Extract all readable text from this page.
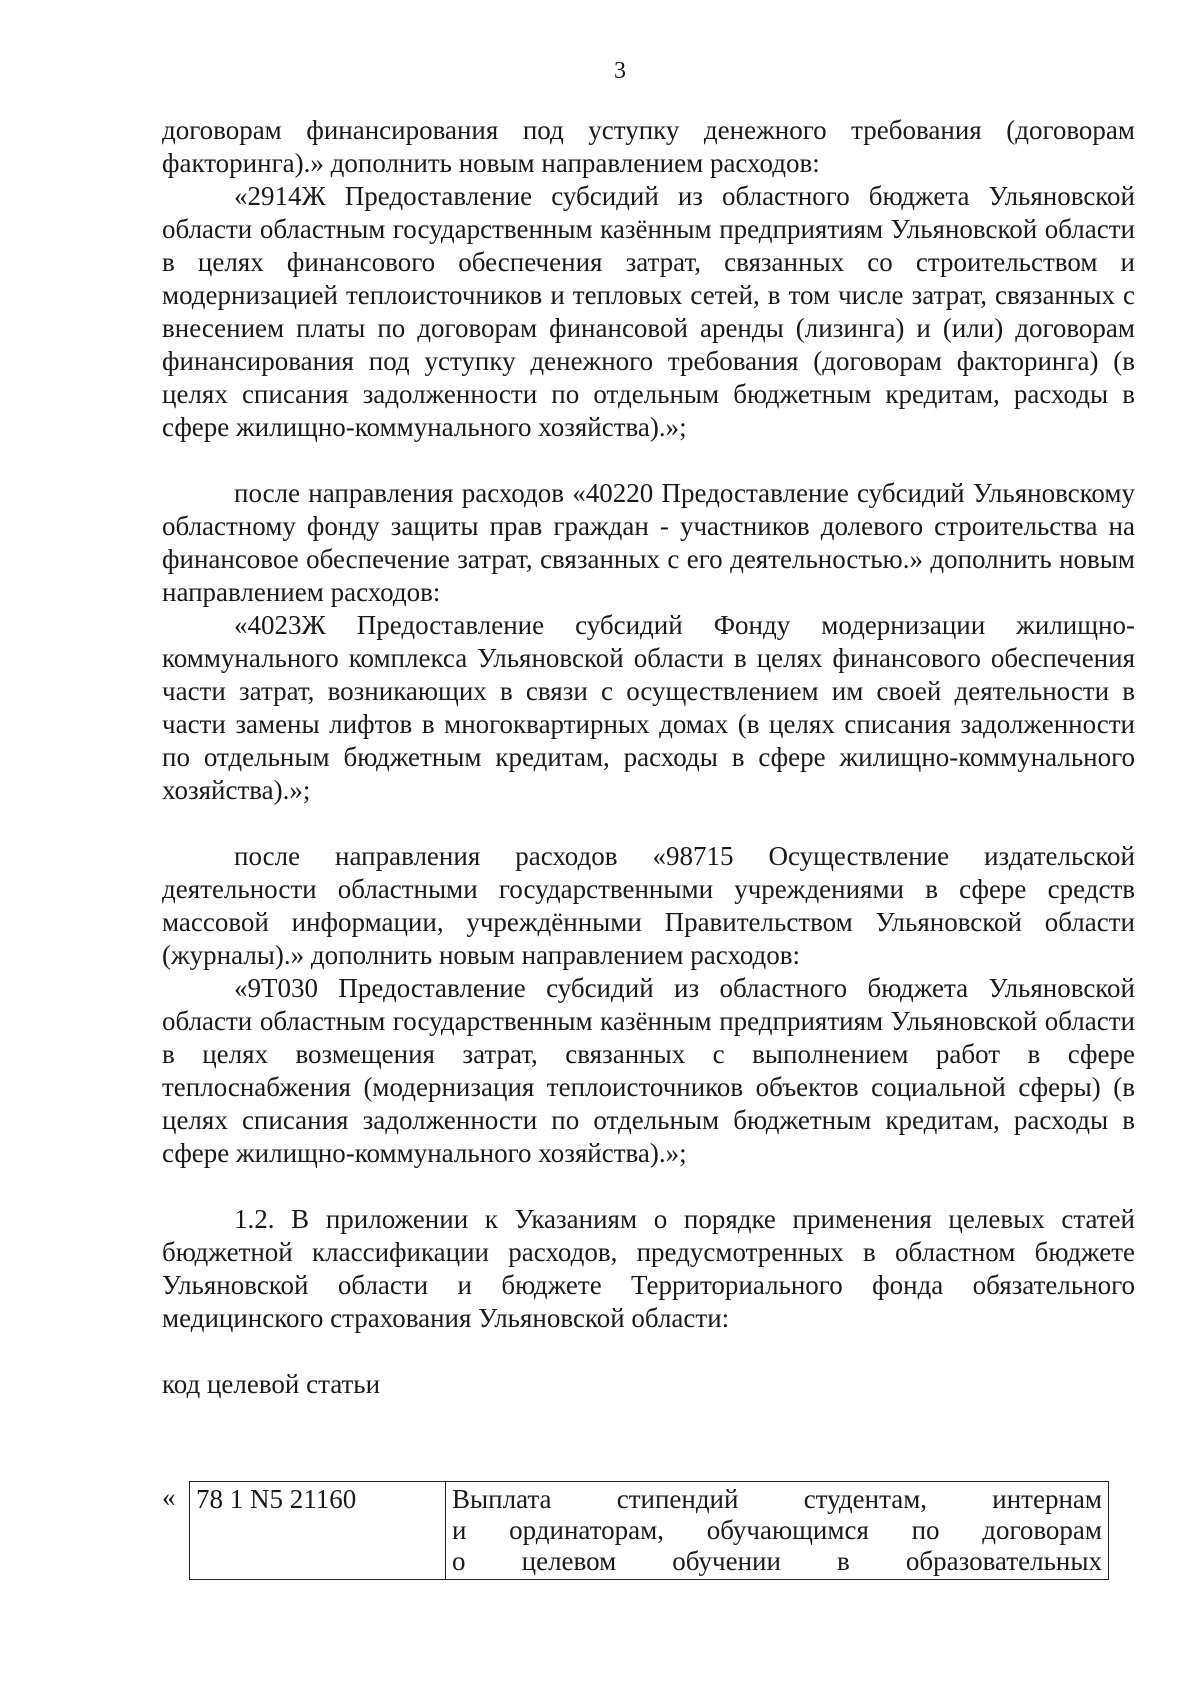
3

договорам финансирования под уступку денежного требования (договорам факторинга).» дополнить новым направлением расходов:

«2914Ж Предоставление субсидий из областного бюджета Ульяновской области областным государственным казённым предприятиям Ульяновской области в целях финансового обеспечения затрат, связанных со строительством и модернизацией теплоисточников и тепловых сетей, в том числе затрат, связанных с внесением платы по договорам финансовой аренды (лизинга) и (или) договорам финансирования под уступку денежного требования (договорам факторинга) (в целях списания задолженности по отдельным бюджетным кредитам, расходы в сфере жилищно-коммунального хозяйства).»;

после направления расходов «40220 Предоставление субсидий Ульяновскому областному фонду защиты прав граждан - участников долевого строительства на финансовое обеспечение затрат, связанных с его деятельностью.» дополнить новым направлением расходов:

«4023Ж Предоставление субсидий Фонду модернизации жилищно-коммунального комплекса Ульяновской области в целях финансового обеспечения части затрат, возникающих в связи с осуществлением им своей деятельности в части замены лифтов в многоквартирных домах (в целях списания задолженности по отдельным бюджетным кредитам, расходы в сфере жилищно-коммунального хозяйства).»;

после направления расходов «98715 Осуществление издательской деятельности областными государственными учреждениями в сфере средств массовой информации, учреждёнными Правительством Ульяновской области (журналы).» дополнить новым направлением расходов:

«9Т030 Предоставление субсидий из областного бюджета Ульяновской области областным государственным казённым предприятиям Ульяновской области в целях возмещения затрат, связанных с выполнением работ в сфере теплоснабжения (модернизация теплоисточников объектов социальной сферы) (в целях списания задолженности по отдельным бюджетным кредитам, расходы в сфере жилищно-коммунального хозяйства).»;

1.2. В приложении к Указаниям о порядке применения целевых статей бюджетной классификации расходов, предусмотренных в областном бюджете Ульяновской области и бюджете Территориального фонда обязательного медицинского страхования Ульяновской области:

код целевой статьи

« 78 1 N5 21160	Выплата стипендий студентам, интернам
и ординаторам, обучающимся по договорам
о целевом обучении в образовательных
